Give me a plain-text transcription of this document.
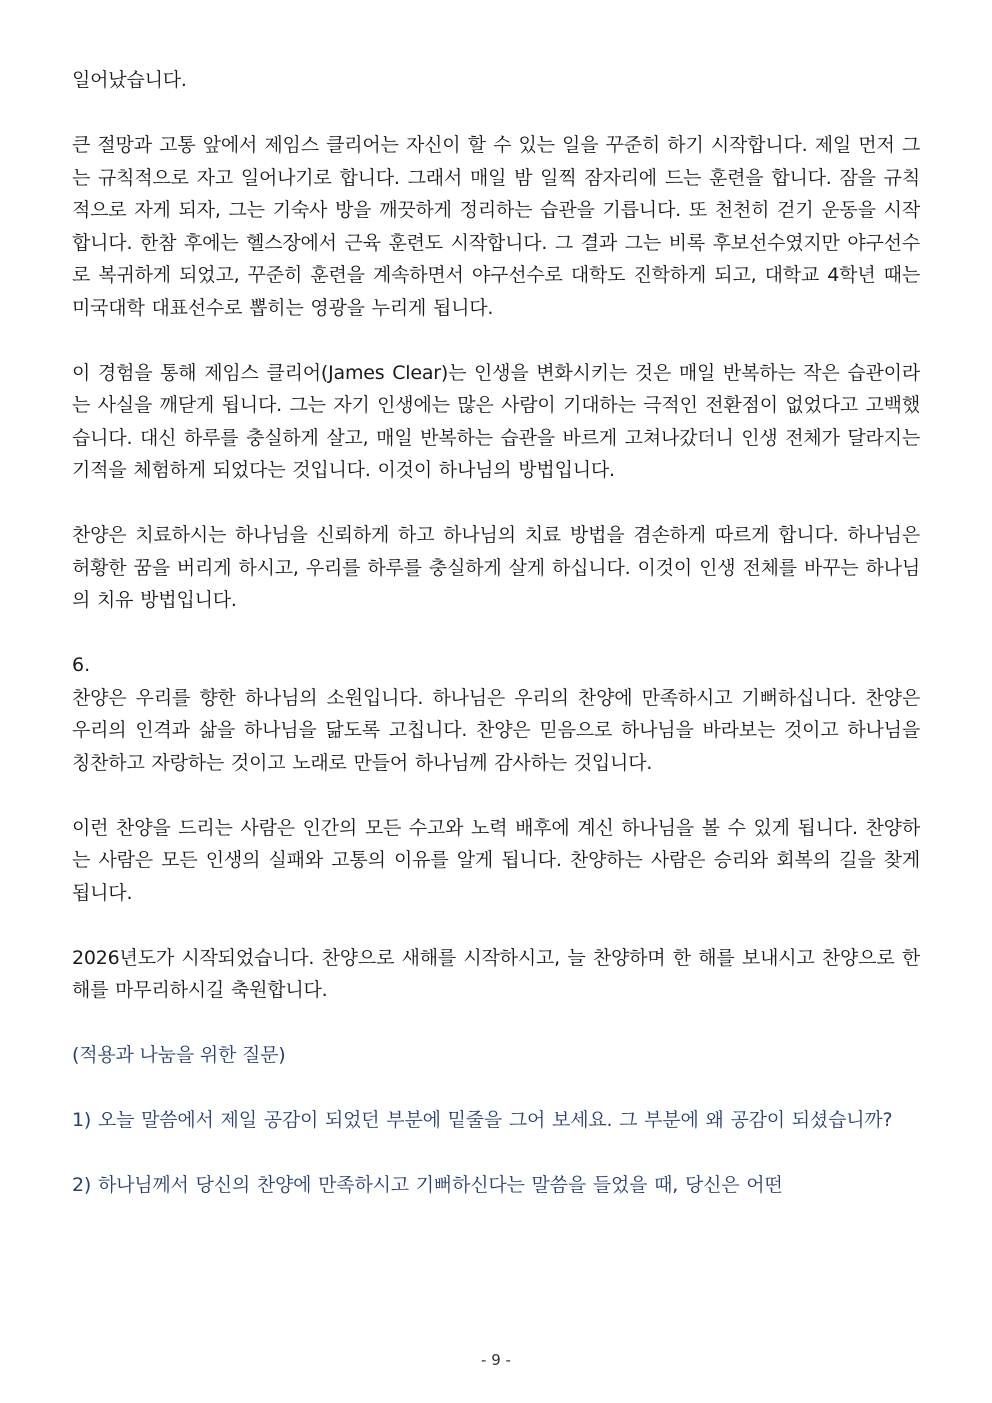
일어났습니다.

큰 절망과 고통 앞에서 제임스 클리어는 자신이 할 수 있는 일을 꾸준히 하기 시작합니다. 제일 먼저 그는 규칙적으로 자고 일어나기로 합니다. 그래서 매일 밤 일찍 잠자리에 드는 훈련을 합니다. 잠을 규칙적으로 자게 되자, 그는 기숙사 방을 깨끗하게 정리하는 습관을 기릅니다. 또 천천히 걷기 운동을 시작합니다. 한참 후에는 헬스장에서 근육 훈련도 시작합니다. 그 결과 그는 비록 후보선수였지만 야구선수로 복귀하게 되었고, 꾸준히 훈련을 계속하면서 야구선수로 대학도 진학하게 되고, 대학교 4학년 때는 미국대학 대표선수로 뽑히는 영광을 누리게 됩니다.

이 경험을 통해 제임스 클리어(James Clear)는 인생을 변화시키는 것은 매일 반복하는 작은 습관이라는 사실을 깨닫게 됩니다. 그는 자기 인생에는 많은 사람이 기대하는 극적인 전환점이 없었다고 고백했습니다. 대신 하루를 충실하게 살고, 매일 반복하는 습관을 바르게 고쳐나갔더니 인생 전체가 달라지는 기적을 체험하게 되었다는 것입니다. 이것이 하나님의 방법입니다.

찬양은 치료하시는 하나님을 신뢰하게 하고 하나님의 치료 방법을 겸손하게 따르게 합니다. 하나님은 허황한 꿈을 버리게 하시고, 우리를 하루를 충실하게 살게 하십니다. 이것이 인생 전체를 바꾸는 하나님의 치유 방법입니다.

6.

찬양은 우리를 향한 하나님의 소원입니다. 하나님은 우리의 찬양에 만족하시고 기뻐하십니다. 찬양은 우리의 인격과 삶을 하나님을 닮도록 고칩니다. 찬양은 믿음으로 하나님을 바라보는 것이고 하나님을 칭찬하고 자랑하는 것이고 노래로 만들어 하나님께 감사하는 것입니다.

이런 찬양을 드리는 사람은 인간의 모든 수고와 노력 배후에 계신 하나님을 볼 수 있게 됩니다. 찬양하는 사람은 모든 인생의 실패와 고통의 이유를 알게 됩니다. 찬양하는 사람은 승리와 회복의 길을 찾게 됩니다.

2026년도가 시작되었습니다. 찬양으로 새해를 시작하시고, 늘 찬양하며 한 해를 보내시고 찬양으로 한 해를 마무리하시길 축원합니다.

(적용과 나눔을 위한 질문)

1) 오늘 말씀에서 제일 공감이 되었던 부분에 밑줄을 그어 보세요. 그 부분에 왜 공감이 되셨습니까?

2) 하나님께서 당신의 찬양에 만족하시고 기뻐하신다는 말씀을 들었을 때, 당신은 어떤

- 9 -
